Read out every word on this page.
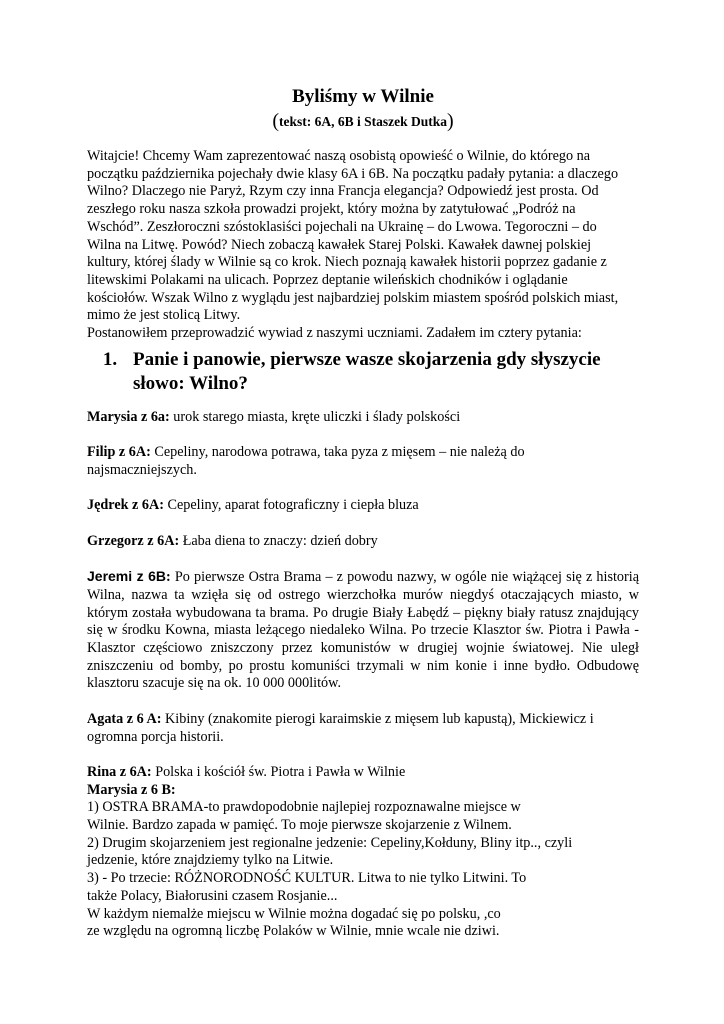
Byliśmy w Wilnie
(tekst: 6A, 6B i Staszek Dutka)

Witajcie! Chcemy Wam zaprezentować naszą osobistą opowieść o Wilnie, do którego na

początku października pojechały dwie klasy 6A i 6B. Na początku padały pytania: a dlaczego

Wilno? Dlaczego nie Paryż, Rzym czy inna Francja elegancja? Odpowiedź jest prosta. Od

zeszłego roku nasza szkoła prowadzi projekt, który można by zatytułować „Podróż na

Wschód”. Zeszłoroczni szóstoklasiści pojechali na Ukrainę – do Lwowa. Tegoroczni – do

Wilna na Litwę. Powód? Niech zobaczą kawałek Starej Polski. Kawałek dawnej polskiej

kultury, której ślady w Wilnie są co krok. Niech poznają kawałek historii poprzez gadanie z

litewskimi Polakami na ulicach. Poprzez deptanie wileńskich chodników i oglądanie

kościołów. Wszak Wilno z wyglądu jest najbardziej polskim miastem spośród polskich miast,

mimo że jest stolicą Litwy.

Postanowiłem przeprowadzić wywiad z naszymi uczniami. Zadałem im cztery pytania:

1. Panie i panowie, pierwsze wasze skojarzenia gdy słyszycie słowo: Wilno?

Marysia z 6a: urok starego miasta, kręte uliczki i ślady polskości

Filip z 6A: Cepeliny, narodowa potrawa, taka pyza z mięsem – nie należą do

najsmaczniejszych.

Jędrek z 6A: Cepeliny, aparat fotograficzny i ciepła bluza

Grzegorz z 6A: Łaba diena to znaczy: dzień dobry

Jeremi z 6B: Po pierwsze Ostra Brama – z powodu nazwy, w ogóle nie wiążącej się z historią Wilna, nazwa ta wzięła się od ostrego wierzchołka murów niegdyś otaczających miasto, w którym została wybudowana ta brama. Po drugie Biały Łabędź – piękny biały ratusz znajdujący się w środku Kowna, miasta leżącego niedaleko Wilna. Po trzecie Klasztor św. Piotra i Pawła - Klasztor częściowo zniszczony przez komunistów w drugiej wojnie światowej. Nie uległ zniszczeniu od bomby, po prostu komuniści trzymali w nim konie i inne bydło. Odbudowę klasztoru szacuje się na ok. 10 000 000litów.

Agata z 6 A: Kibiny (znakomite pierogi karaimskie z mięsem lub kapustą), Mickiewicz i

ogromna porcja historii.

Rina z 6A: Polska i kościół św. Piotra i Pawła w Wilnie

Marysia z 6 B:

1) OSTRA BRAMA-to prawdopodobnie najlepiej rozpoznawalne miejsce w

Wilnie. Bardzo zapada w pamięć. To moje pierwsze skojarzenie z Wilnem.

2) Drugim skojarzeniem jest regionalne jedzenie: Cepeliny,Kołduny, Bliny itp.., czyli

jedzenie, które znajdziemy tylko na Litwie.

3) - Po trzecie: RÓŻNORODNOŚĆ KULTUR. Litwa to nie tylko Litwini. To

także Polacy, Białorusini czasem Rosjanie...

W każdym niemalże miejscu w Wilnie można dogadać się po polsku, ,co

ze względu na ogromną liczbę Polaków w Wilnie, mnie wcale nie dziwi.
